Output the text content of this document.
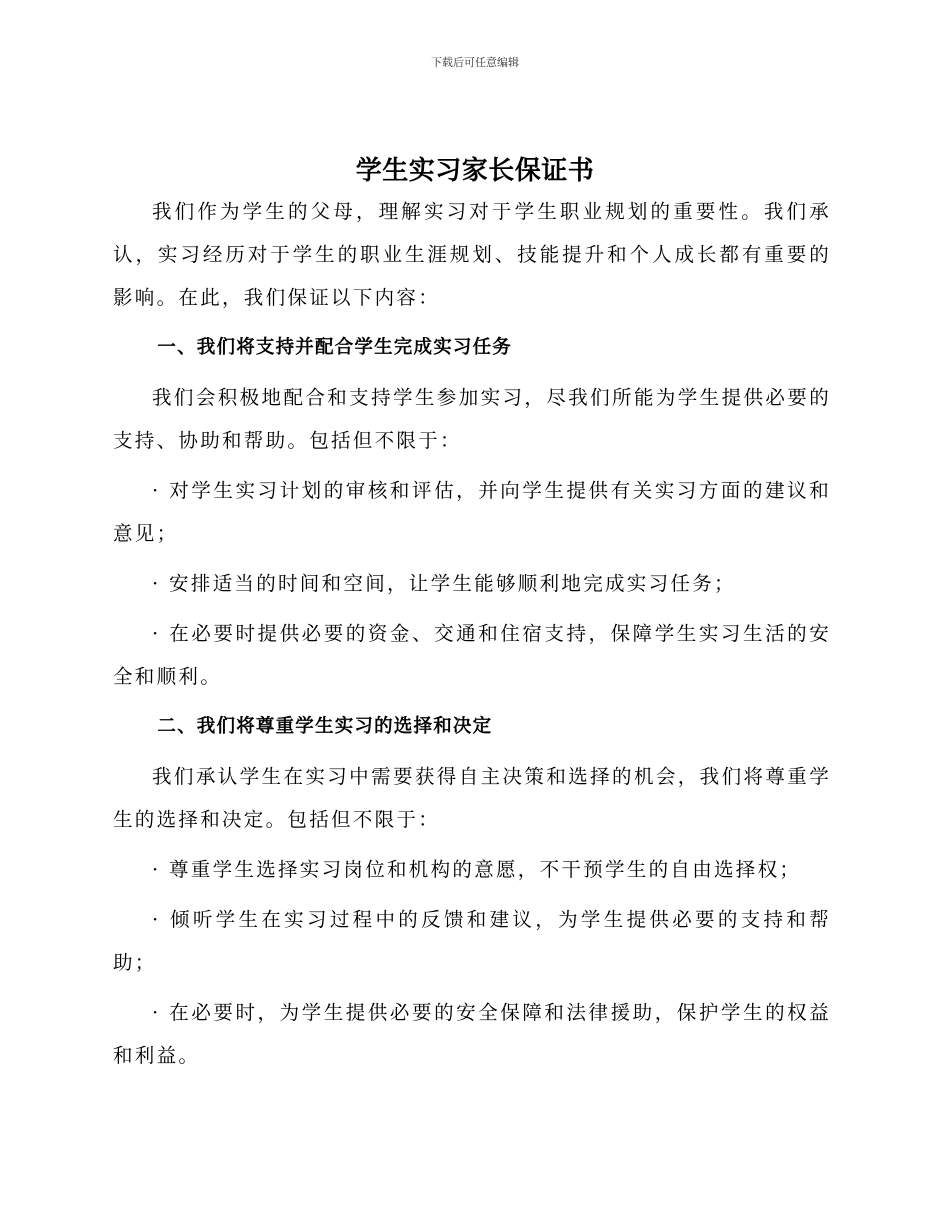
下载后可任意编辑
学生实习家长保证书

我们作为学生的父母，理解实习对于学生职业规划的重要性。我们承认，实习经历对于学生的职业生涯规划、技能提升和个人成长都有重要的影响。在此，我们保证以下内容：

一、我们将支持并配合学生完成实习任务

我们会积极地配合和支持学生参加实习，尽我们所能为学生提供必要的支持、协助和帮助。包括但不限于：

· 对学生实习计划的审核和评估，并向学生提供有关实习方面的建议和意见；

· 安排适当的时间和空间，让学生能够顺利地完成实习任务；

· 在必要时提供必要的资金、交通和住宿支持，保障学生实习生活的安全和顺利。

二、我们将尊重学生实习的选择和决定

我们承认学生在实习中需要获得自主决策和选择的机会，我们将尊重学生的选择和决定。包括但不限于：

· 尊重学生选择实习岗位和机构的意愿，不干预学生的自由选择权；

· 倾听学生在实习过程中的反馈和建议，为学生提供必要的支持和帮助；

· 在必要时，为学生提供必要的安全保障和法律援助，保护学生的权益和利益。
